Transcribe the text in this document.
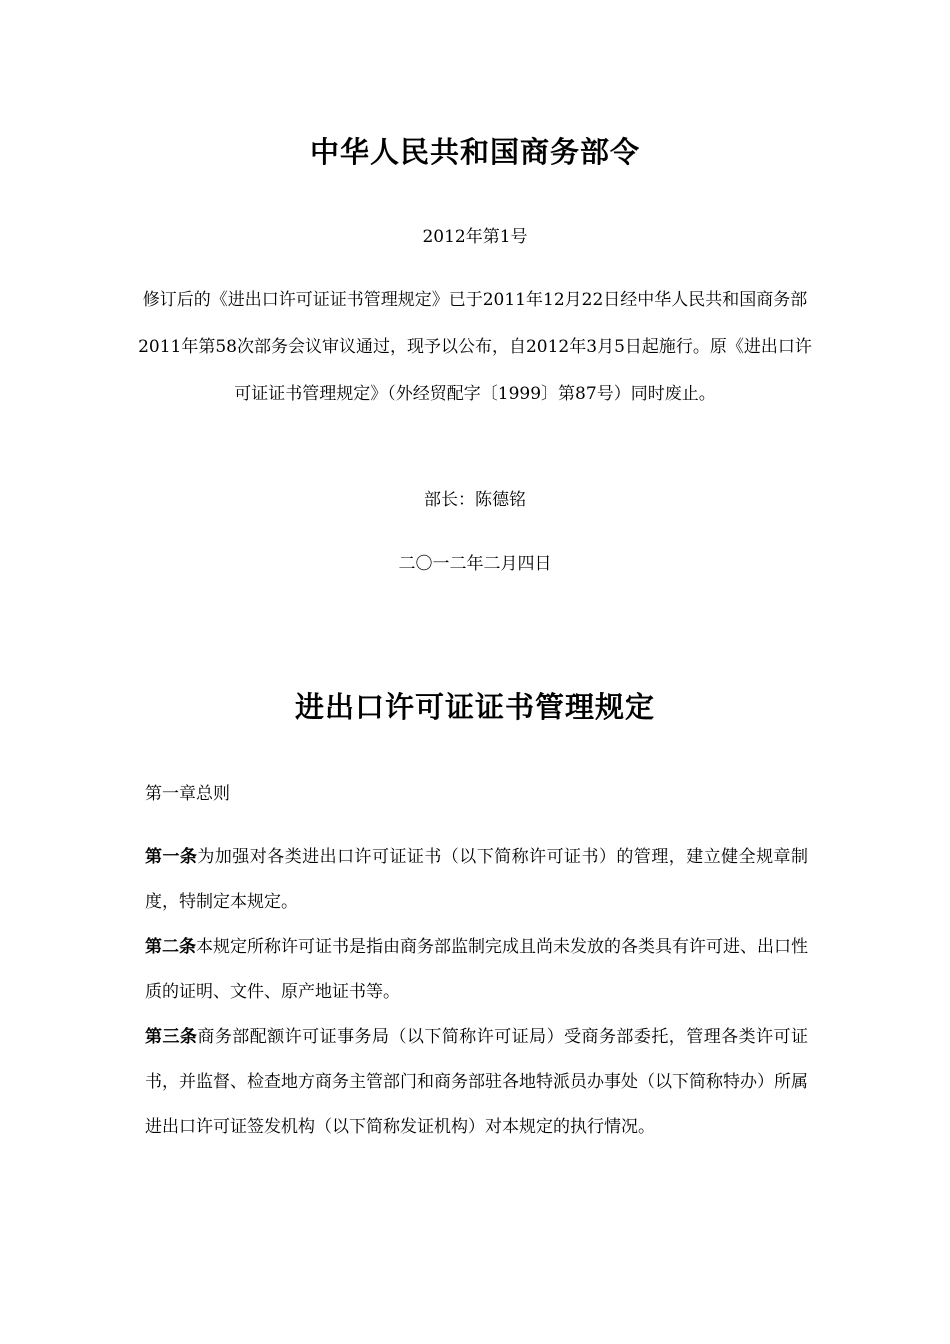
中华人民共和国商务部令
2012年第1号
修订后的《进出口许可证证书管理规定》已于2011年12月22日经中华人民共和国商务部2011年第58次部务会议审议通过，现予以公布，自2012年3月5日起施行。原《进出口许可证证书管理规定》（外经贸配字〔1999〕第87号）同时废止。
部长：陈德铭
二〇一二年二月四日
进出口许可证证书管理规定
第一章总则
第一条为加强对各类进出口许可证证书（以下简称许可证书）的管理，建立健全规章制度，特制定本规定。
第二条本规定所称许可证书是指由商务部监制完成且尚未发放的各类具有许可进、出口性质的证明、文件、原产地证书等。
第三条商务部配额许可证事务局（以下简称许可证局）受商务部委托，管理各类许可证书，并监督、检查地方商务主管部门和商务部驻各地特派员办事处（以下简称特办）所属进出口许可证签发机构（以下简称发证机构）对本规定的执行情况。
